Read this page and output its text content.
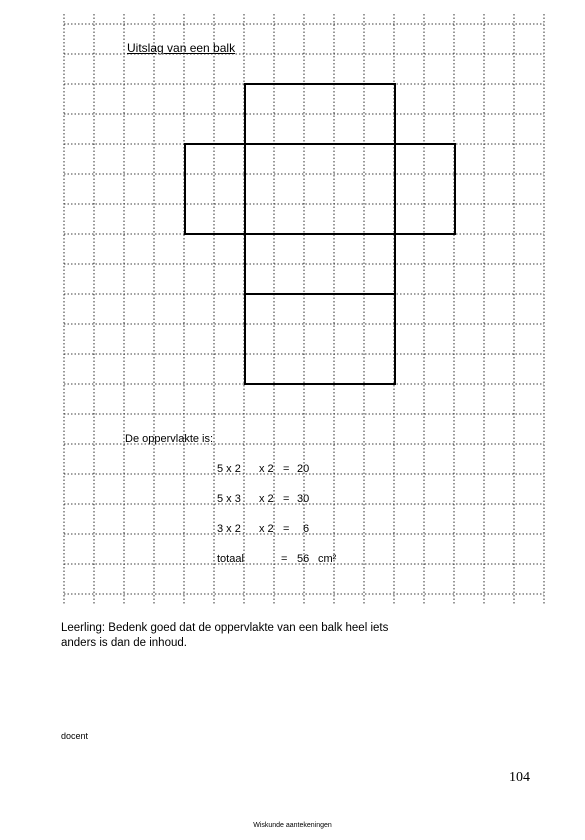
Uitslag van een balk
De oppervlakte is:
5 x 2 x 2 = 20
5 x 3 x 2 = 30
3 x 2 x 2 = 6
totaal	= 56 cm²
Leerling: Bedenk goed dat de oppervlakte van een balk heel iets
anders is dan de inhoud.
docent
104
Wiskunde aantekeningen
